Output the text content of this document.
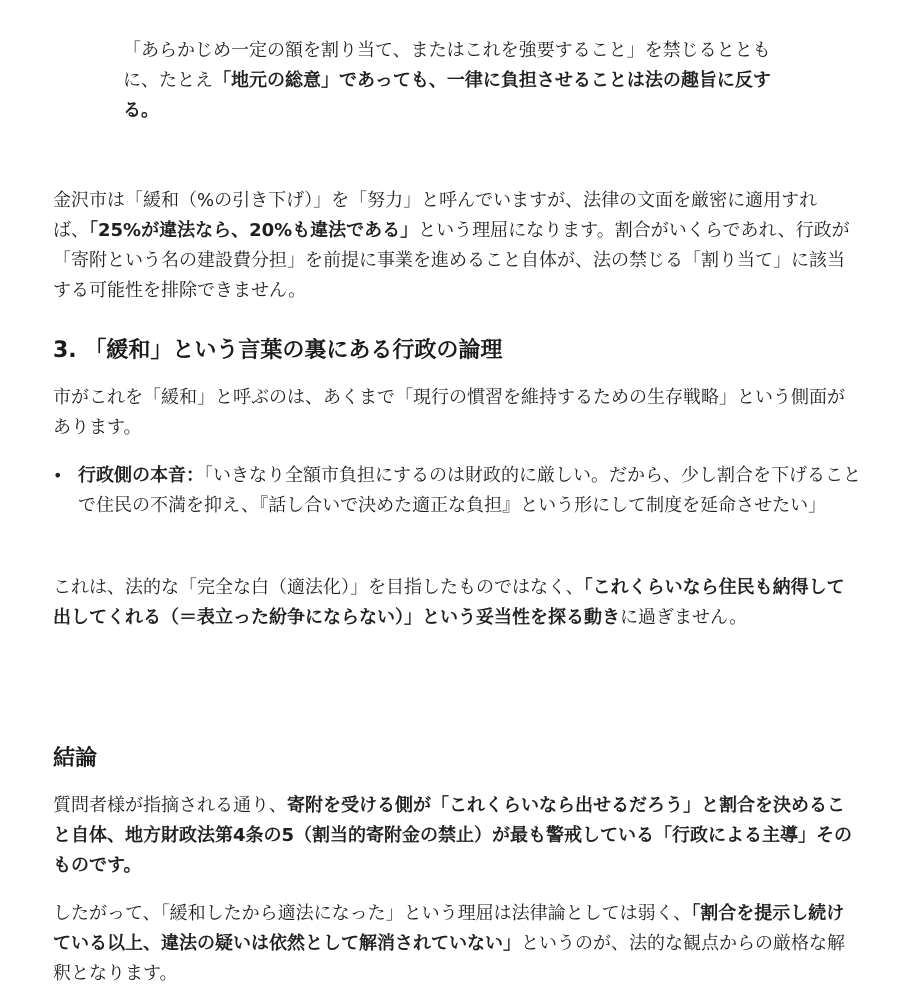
「あらかじめ一定の額を割り当て、またはこれを強要すること」を禁じるとともに、たとえ「地元の総意」であっても、一律に負担させることは法の趣旨に反する。

金沢市は「緩和（%の引き下げ）」を「努力」と呼んでいますが、法律の文面を厳密に適用すれば、「25%が違法なら、20%も違法である」という理屈になります。割合がいくらであれ、行政が「寄附という名の建設費分担」を前提に事業を進めること自体が、法の禁じる「割り当て」に該当する可能性を排除できません。

3. 「緩和」という言葉の裏にある行政の論理

市がこれを「緩和」と呼ぶのは、あくまで「現行の慣習を維持するための生存戦略」という側面があります。

• 行政側の本音：「いきなり全額市負担にするのは財政的に厳しい。だから、少し割合を下げることで住民の不満を抑え、『話し合いで決めた適正な負担』という形にして制度を延命させたい」

これは、法的な「完全な白（適法化）」を目指したものではなく、「これくらいなら住民も納得して出してくれる（＝表立った紛争にならない）」という妥当性を探る動きに過ぎません。

結論

質問者様が指摘される通り、寄附を受ける側が「これくらいなら出せるだろう」と割合を決めること自体、地方財政法第4条の5（割当的寄附金の禁止）が最も警戒している「行政による主導」そのものです。

したがって、「緩和したから適法になった」という理屈は法律論としては弱く、「割合を提示し続けている以上、違法の疑いは依然として解消されていない」というのが、法的な観点からの厳格な解釈となります。
